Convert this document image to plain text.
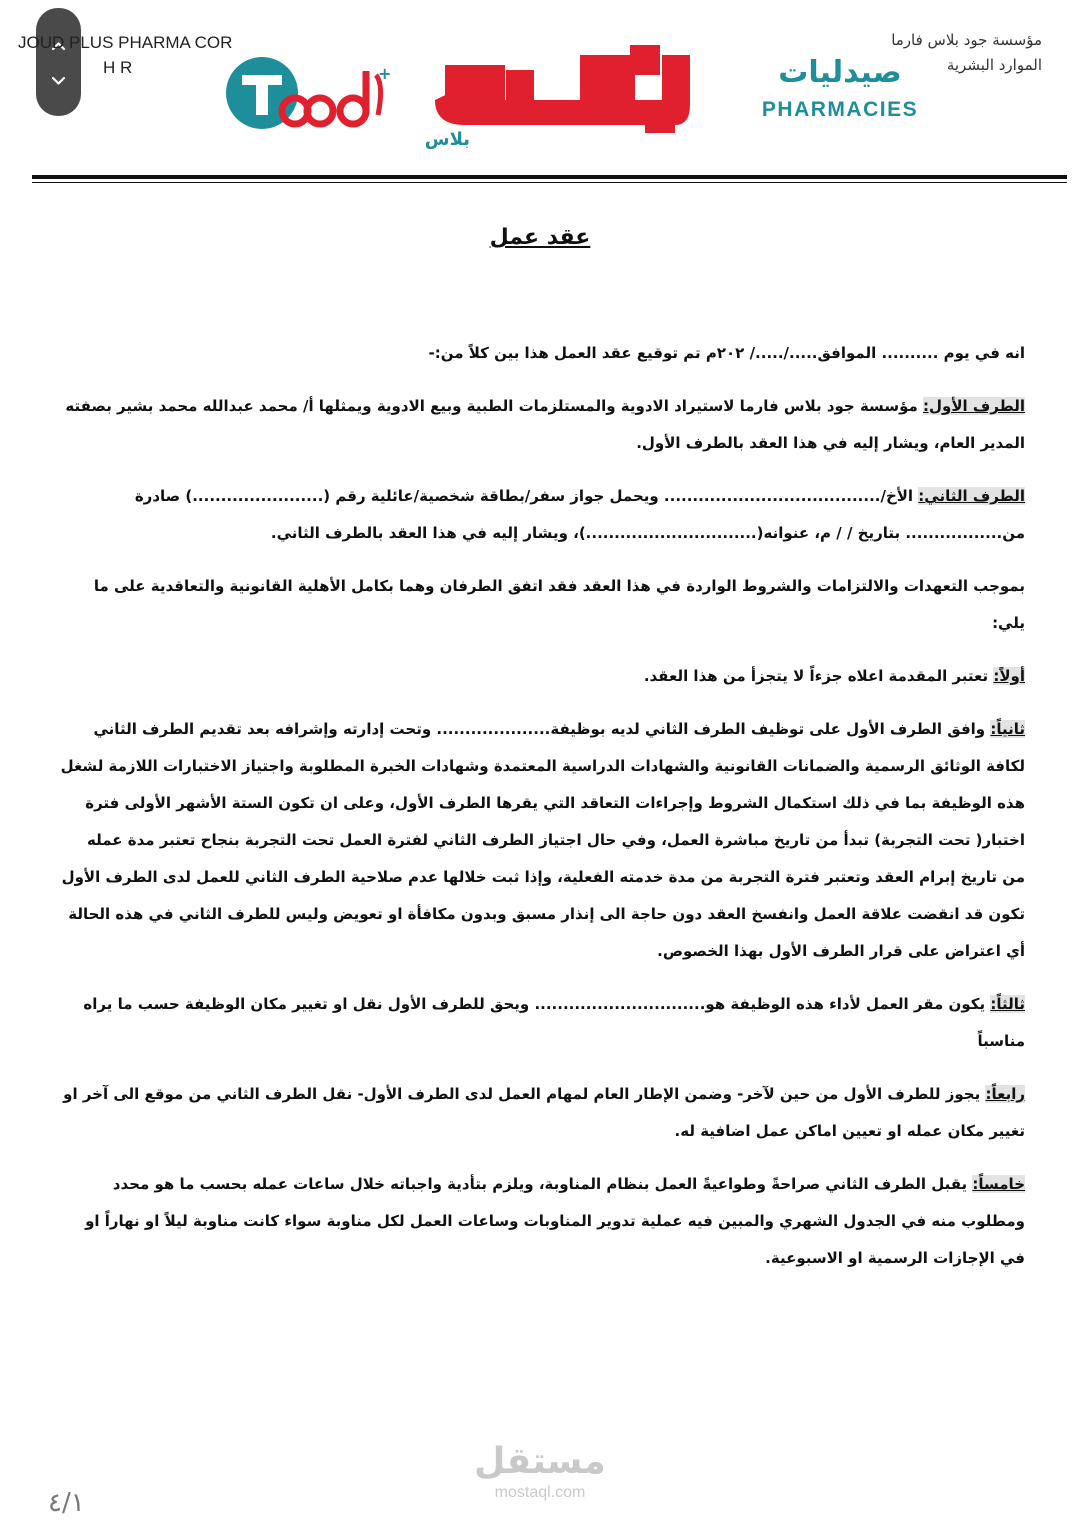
JOUD PLUS PHARMA COR
H R
مؤسسة جود بلاس فارما
الموارد البشرية
+
بلاس
صيدليات
PHARMACIES
عقد عمل

انه في يوم .......... الموافق...../...../ ٢٠٢م تم توقيع عقد العمل هذا بين كلاً من:-

الطرف الأول: مؤسسة جود بلاس فارما لاستيراد الادوية والمستلزمات الطبية وبيع الادوية ويمثلها أ/ محمد عبدالله محمد بشير بصفته المدير العام، ويشار إليه في هذا العقد بالطرف الأول.

الطرف الثاني: الأخ/...................................... ويحمل جواز سفر/بطاقة شخصية/عائلية رقم (.......................) صادرة من................. بتاريخ / / م، عنوانه(..............................)، ويشار إليه في هذا العقد بالطرف الثاني.

بموجب التعهدات والالتزامات والشروط الواردة في هذا العقد فقد اتفق الطرفان وهما بكامل الأهلية القانونية والتعاقدية على ما يلي:

أولاً: تعتبر المقدمة اعلاه جزءاً لا يتجزأ من هذا العقد.

ثانياً: وافق الطرف الأول على توظيف الطرف الثاني لديه بوظيفة.................... وتحت إدارته وإشرافه بعد تقديم الطرف الثاني لكافة الوثائق الرسمية والضمانات القانونية والشهادات الدراسية المعتمدة وشهادات الخبرة المطلوبة واجتياز الاختبارات اللازمة لشغل هذه الوظيفة بما في ذلك استكمال الشروط وإجراءات التعاقد التي يقرها الطرف الأول، وعلى ان تكون الستة الأشهر الأولى فترة اختبار( تحت التجربة) تبدأ من تاريخ مباشرة العمل، وفي حال اجتياز الطرف الثاني لفترة العمل تحت التجربة بنجاح تعتبر مدة عمله من تاريخ إبرام العقد وتعتبر فترة التجربة من مدة خدمته الفعلية، وإذا ثبت خلالها عدم صلاحية الطرف الثاني للعمل لدى الطرف الأول تكون قد انقضت علاقة العمل وانفسخ العقد دون حاجة الى إنذار مسبق وبدون مكافأة او تعويض وليس للطرف الثاني في هذه الحالة أي اعتراض على قرار الطرف الأول بهذا الخصوص.

ثالثاً: يكون مقر العمل لأداء هذه الوظيفة هو.............................. ويحق للطرف الأول نقل او تغيير مكان الوظيفة حسب ما يراه مناسباً

رابعاً: يجوز للطرف الأول من حين لآخر- وضمن الإطار العام لمهام العمل لدى الطرف الأول- نقل الطرف الثاني من موقع الى آخر او تغيير مكان عمله او تعيين اماكن عمل اضافية له.

خامساً: يقبل الطرف الثاني صراحةً وطواعيةً العمل بنظام المناوبة، ويلزم بتأدية واجباته خلال ساعات عمله بحسب ما هو محدد ومطلوب منه في الجدول الشهري والمبين فيه عملية تدوير المناوبات وساعات العمل لكل مناوبة سواء كانت مناوبة ليلاً او نهاراً او في الإجازات الرسمية او الاسبوعية.

مستقل
mostaql.com
٤/١
